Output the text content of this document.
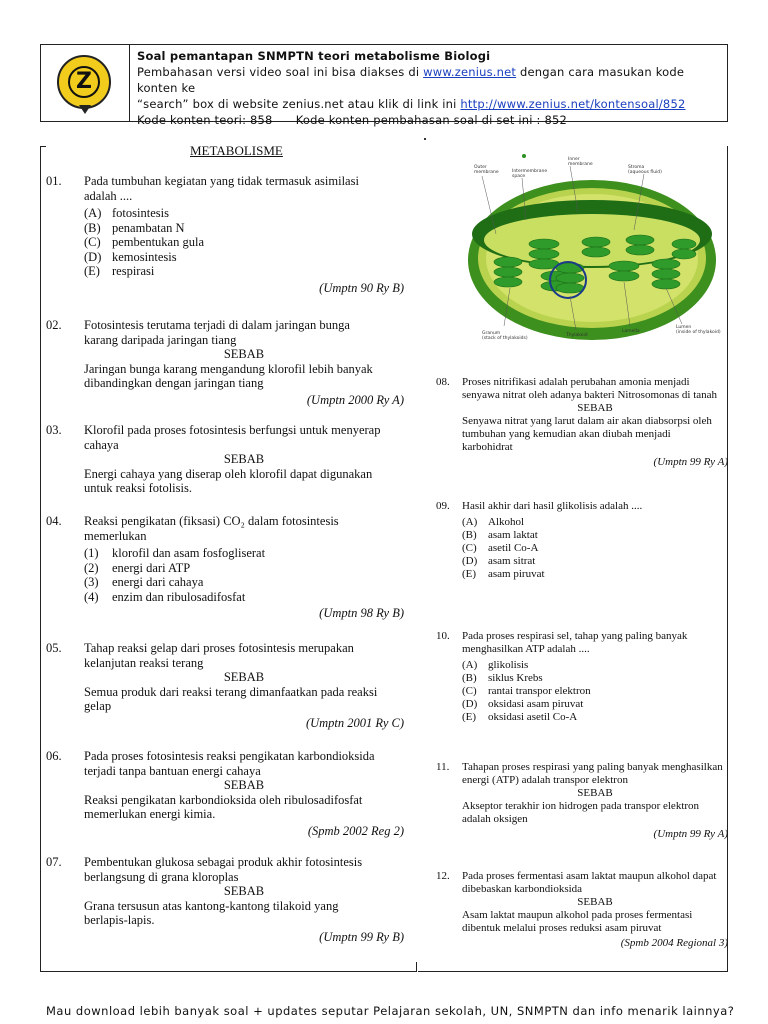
Z
Soal pemantapan SNMPTN teori metabolisme Biologi
Pembahasan versi video soal ini bisa diakses di www.zenius.net dengan cara masukan kode konten ke
“search” box di website zenius.net atau klik di link ini http://www.zenius.net/kontensoal/852
Kode konten teori: 858      Kode konten pembahasan soal di set ini : 852
METABOLISME
Outer membrane	Intermembrane space
Inner membrane
Stroma (aqueous fluid)
Granum (stack of thylakoids)
Thylakoid
Lamella
Lumen (inside of thylakoid)
01. Pada tumbuhan kegiatan yang tidak termasuk asimilasi
adalah ....
(A) fotosintesis
(B) penambatan N
(C) pembentukan gula
(D) kemosintesis
(E) respirasi
(Umptn 90 Ry B)
02. Fotosintesis terutama terjadi di dalam jaringan bunga
karang daripada jaringan tiang
SEBAB
Jaringan bunga karang mengandung klorofil lebih banyak
dibandingkan dengan jaringan tiang
(Umptn 2000 Ry A)
03. Klorofil pada proses fotosintesis berfungsi untuk menyerap
cahaya
SEBAB
Energi cahaya yang diserap oleh klorofil dapat digunakan
untuk reaksi fotolisis.
04. Reaksi pengikatan (fiksasi) CO₂ dalam fotosintesis
memerlukan
(1) klorofil dan asam fosfogliserat
(2) energi dari ATP
(3) energi dari cahaya
(4) enzim dan ribulosadifosfat
(Umptn 98 Ry B)
05. Tahap reaksi gelap dari proses fotosintesis merupakan
kelanjutan reaksi terang
SEBAB
Semua produk dari reaksi terang dimanfaatkan pada reaksi
gelap
(Umptn 2001 Ry C)
06. Pada proses fotosintesis reaksi pengikatan karbondioksida
terjadi tanpa bantuan energi cahaya
SEBAB
Reaksi pengikatan karbondioksida oleh ribulosadifosfat
memerlukan energi kimia.
(Spmb 2002 Reg 2)
07. Pembentukan glukosa sebagai produk akhir fotosintesis
berlangsung di grana kloroplas
SEBAB
Grana tersusun atas kantong-kantong tilakoid yang
berlapis-lapis.
(Umptn 99 Ry B)
08. Proses nitrifikasi adalah perubahan amonia menjadi
senyawa nitrat oleh adanya bakteri Nitrosomonas di tanah
SEBAB
Senyawa nitrat yang larut dalam air akan diabsorpsi oleh
tumbuhan yang kemudian akan diubah menjadi
karbohidrat
(Umptn 99 Ry A)
09. Hasil akhir dari hasil glikolisis adalah ....
(A) Alkohol
(B) asam laktat
(C) asetil Co-A
(D) asam sitrat
(E) asam piruvat
10. Pada proses respirasi sel, tahap yang paling banyak
menghasilkan ATP adalah ....
(A) glikolisis
(B) siklus Krebs
(C) rantai transpor elektron
(D) oksidasi asam piruvat
(E) oksidasi asetil Co-A
11. Tahapan proses respirasi yang paling banyak menghasilkan
energi (ATP) adalah transpor elektron
SEBAB
Akseptor terakhir ion hidrogen pada transpor elektron
adalah oksigen
(Umptn 99 Ry A)
12. Pada proses fermentasi asam laktat maupun alkohol dapat
dibebaskan karbondioksida
SEBAB
Asam laktat maupun alkohol pada proses fermentasi
dibentuk melalui proses reduksi asam piruvat
(Spmb 2004 Regional 3)
Mau download lebih banyak soal + updates seputar Pelajaran sekolah, UN, SNMPTN dan info menarik lainnya?
